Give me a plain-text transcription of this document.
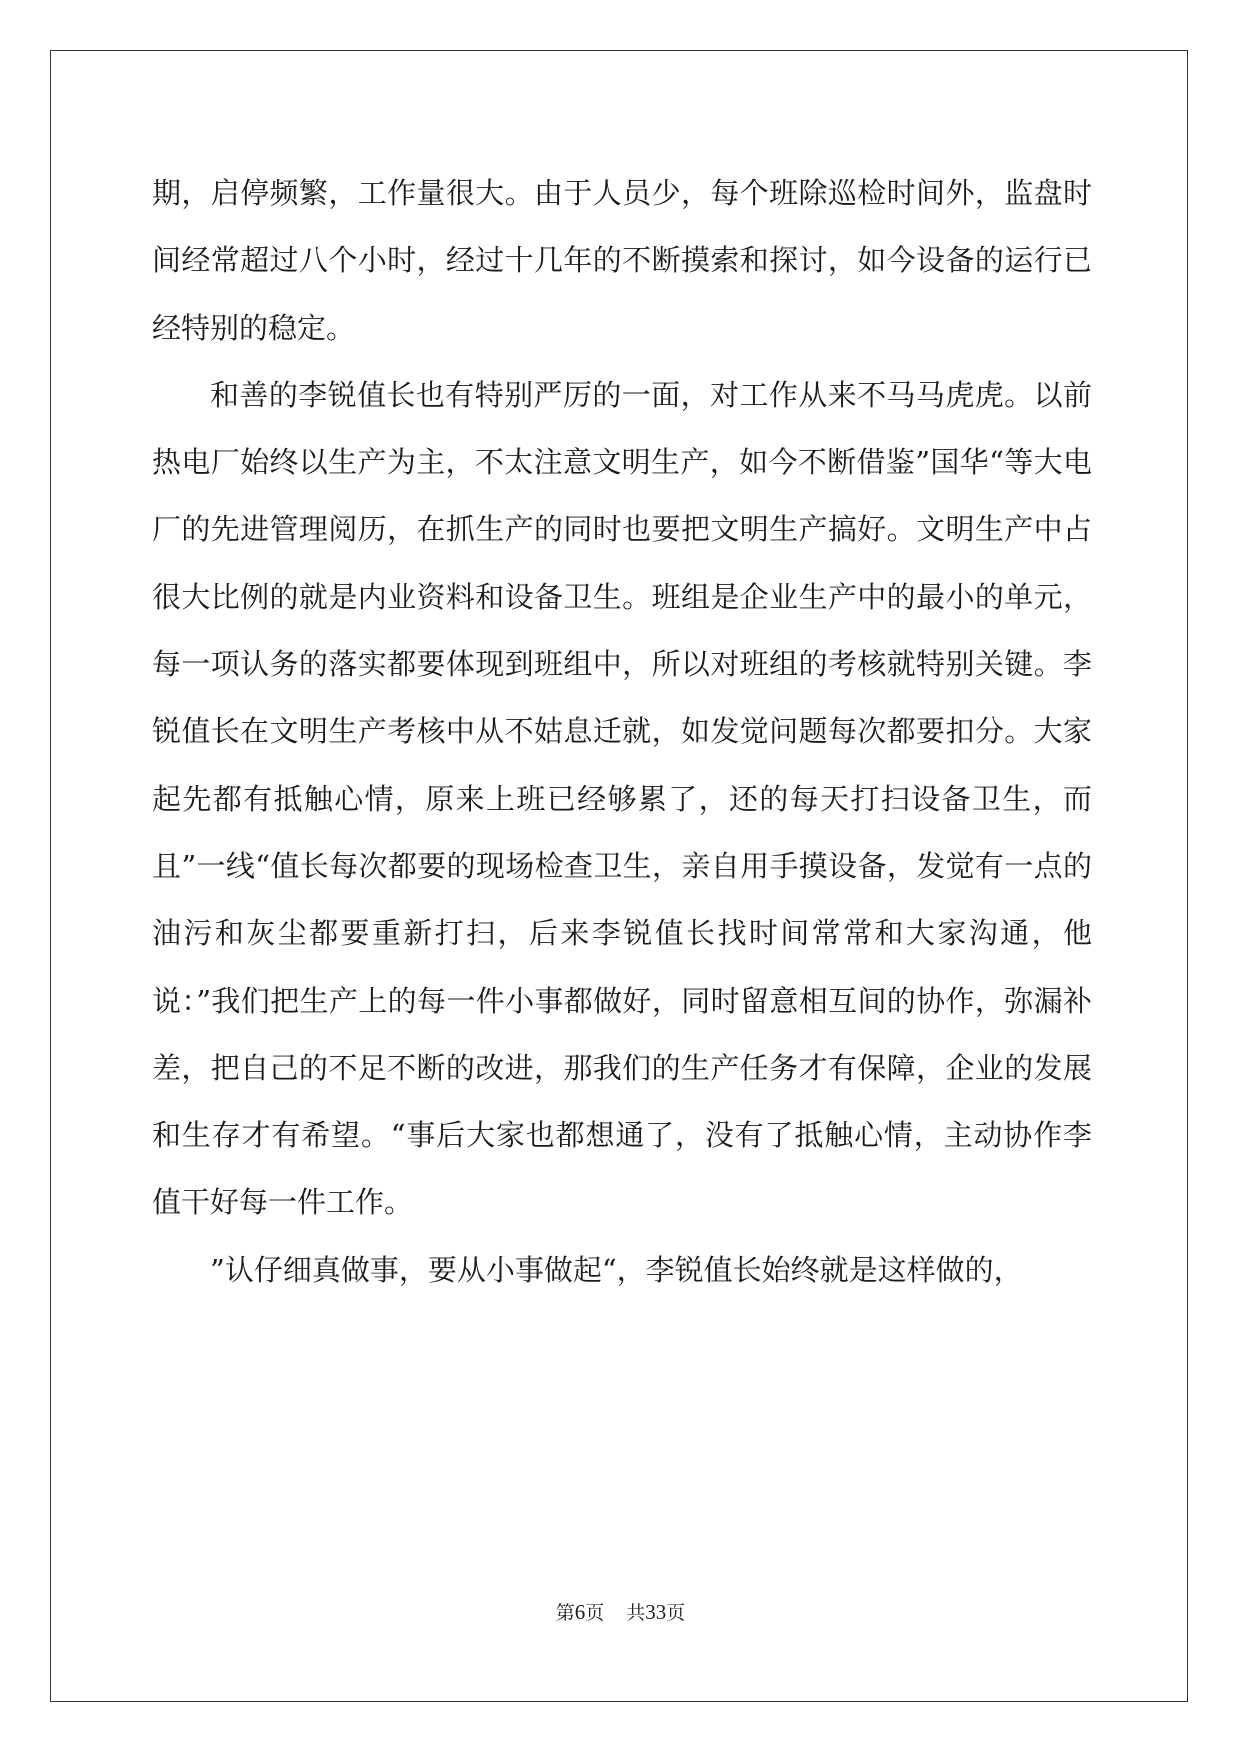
期，启停频繁，工作量很大。由于人员少，每个班除巡检时间外，监盘时间经常超过八个小时，经过十几年的不断摸索和探讨，如今设备的运行已经特别的稳定。

和善的李锐值长也有特别严厉的一面，对工作从来不马马虎虎。以前热电厂始终以生产为主，不太注意文明生产，如今不断借鉴”国华“等大电厂的先进管理阅历，在抓生产的同时也要把文明生产搞好。文明生产中占很大比例的就是内业资料和设备卫生。班组是企业生产中的最小的单元，每一项认务的落实都要体现到班组中，所以对班组的考核就特别关键。李锐值长在文明生产考核中从不姑息迁就，如发觉问题每次都要扣分。大家起先都有抵触心情，原来上班已经够累了，还的每天打扫设备卫生，而且”一线“值长每次都要的现场检查卫生，亲自用手摸设备，发觉有一点的油污和灰尘都要重新打扫，后来李锐值长找时间常常和大家沟通，他说：”我们把生产上的每一件小事都做好，同时留意相互间的协作，弥漏补差，把自己的不足不断的改进，那我们的生产任务才有保障，企业的发展和生存才有希望。“事后大家也都想通了，没有了抵触心情，主动协作李值干好每一件工作。

”认仔细真做事，要从小事做起“，李锐值长始终就是这样做的，

第6页 共33页
